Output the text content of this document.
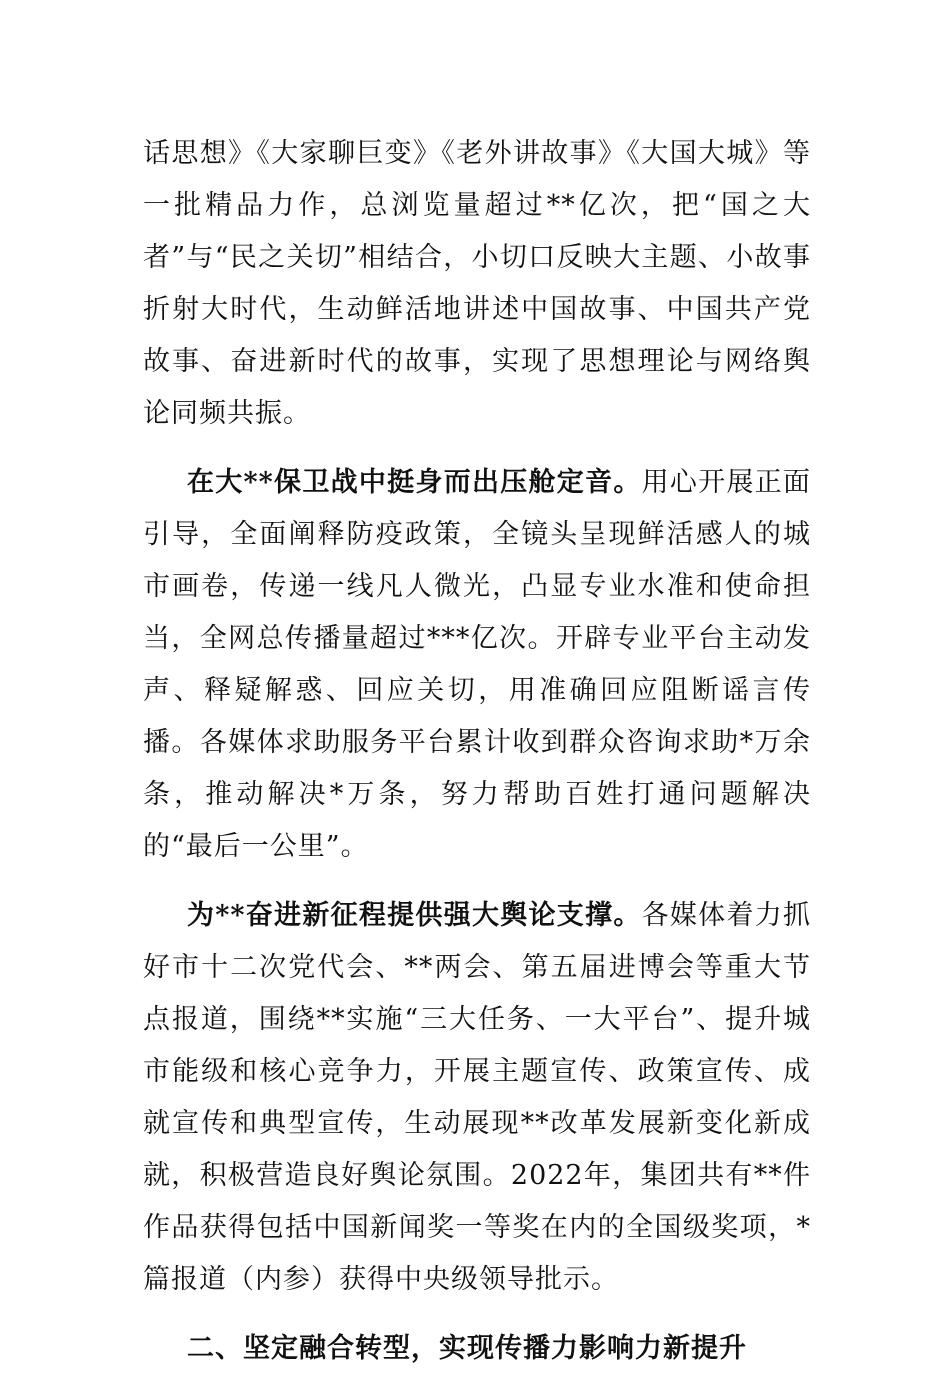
话思想》《大家聊巨变》《老外讲故事》《大国大城》等一批精品力作，总浏览量超过**亿次，把“国之大者”与“民之关切”相结合，小切口反映大主题、小故事折射大时代，生动鲜活地讲述中国故事、中国共产党故事、奋进新时代的故事，实现了思想理论与网络舆论同频共振。

在大**保卫战中挺身而出压舱定音。用心开展正面引导，全面阐释防疫政策，全镜头呈现鲜活感人的城市画卷，传递一线凡人微光，凸显专业水准和使命担当，全网总传播量超过***亿次。开辟专业平台主动发声、释疑解惑、回应关切，用准确回应阻断谣言传播。各媒体求助服务平台累计收到群众咨询求助*万余条，推动解决*万条，努力帮助百姓打通问题解决的“最后一公里”。

为**奋进新征程提供强大舆论支撑。各媒体着力抓好市十二次党代会、**两会、第五届进博会等重大节点报道，围绕**实施“三大任务、一大平台”、提升城市能级和核心竞争力，开展主题宣传、政策宣传、成就宣传和典型宣传，生动展现**改革发展新变化新成就，积极营造良好舆论氛围。2022年，集团共有**件作品获得包括中国新闻奖一等奖在内的全国级奖项，*篇报道（内参）获得中央级领导批示。

二、坚定融合转型，实现传播力影响力新提升
